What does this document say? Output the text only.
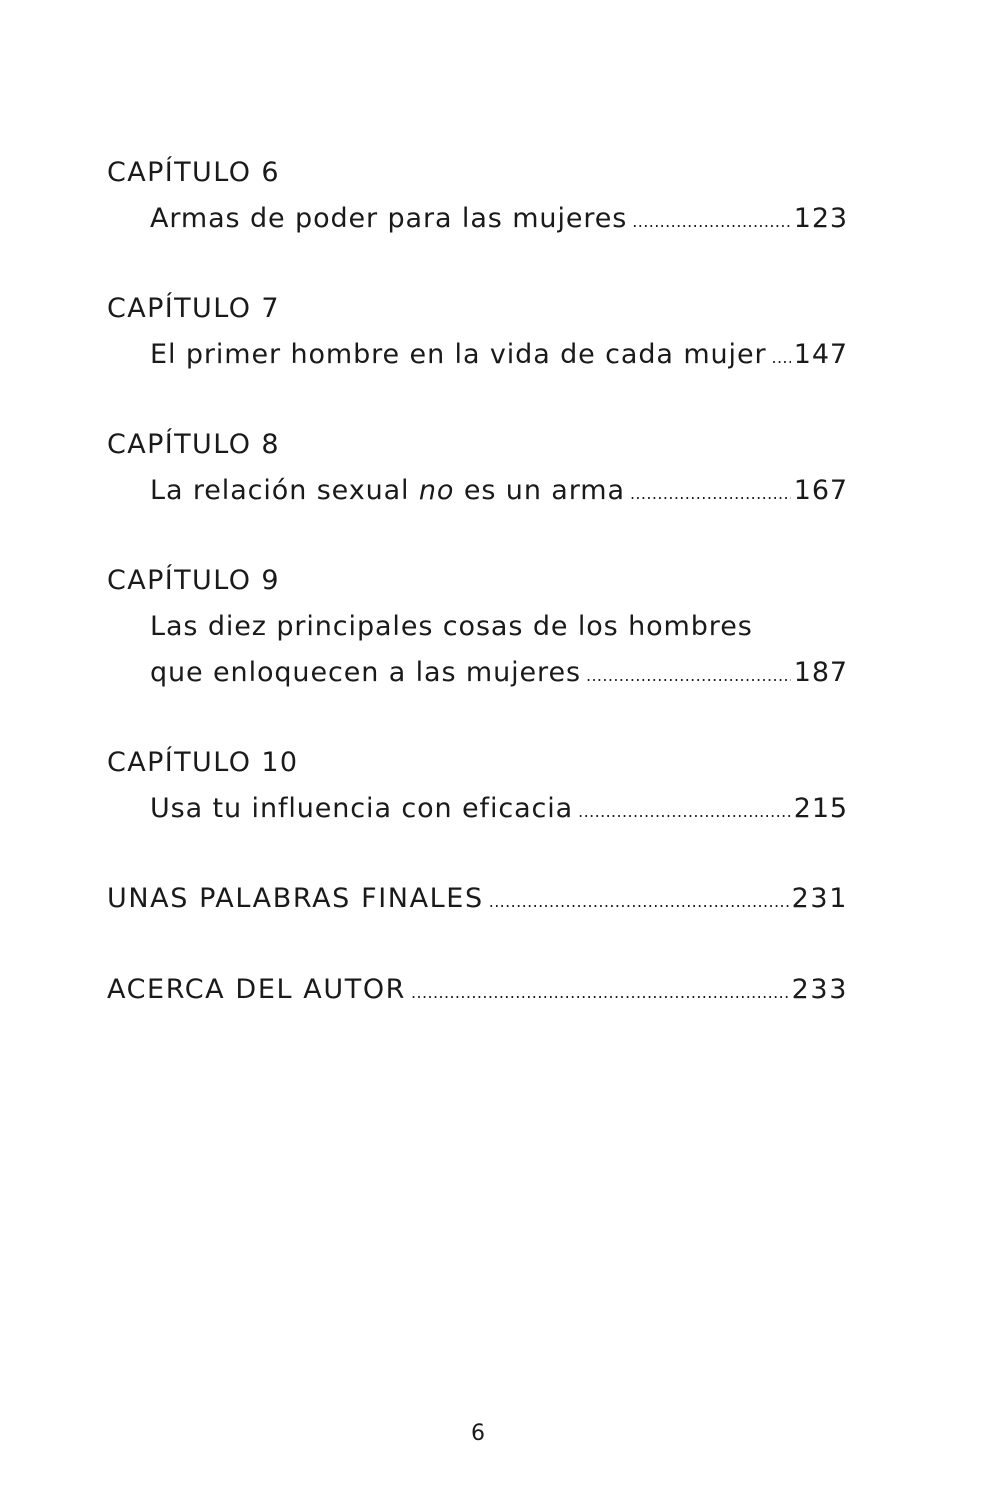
CAPÍTULO 6
Armas de poder para las mujeres .....	123
CAPÍTULO 7
El primer hombre en la vida de cada mujer ..... 147
CAPÍTULO 8
La relación sexual no es un arma .....	167
CAPÍTULO 9
Las diez principales cosas de los hombres
que enloquecen a las mujeres .....	187
CAPÍTULO 10
Usa tu influencia con eficacia .....	215
UNAS PALABRAS FINALES .....	231
ACERCA DEL AUTOR .....	233
6
